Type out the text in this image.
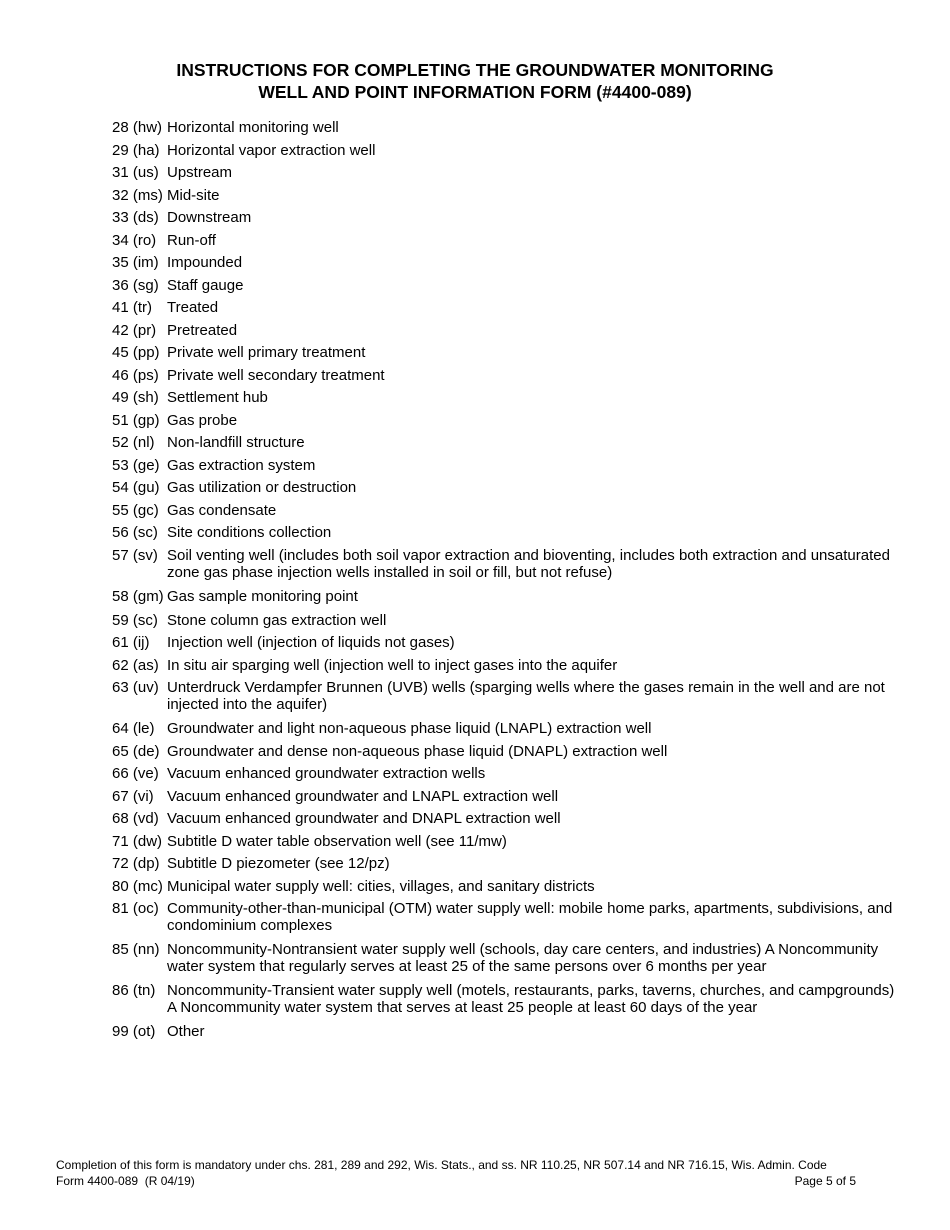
INSTRUCTIONS FOR COMPLETING THE GROUNDWATER MONITORING
WELL AND POINT INFORMATION FORM (#4400-089)
28 (hw) Horizontal monitoring well
29 (ha) Horizontal vapor extraction well
31 (us) Upstream
32 (ms) Mid-site
33 (ds) Downstream
34 (ro) Run-off
35 (im) Impounded
36 (sg) Staff gauge
41 (tr) Treated
42 (pr) Pretreated
45 (pp) Private well primary treatment
46 (ps) Private well secondary treatment
49 (sh) Settlement hub
51 (gp) Gas probe
52 (nl) Non-landfill structure
53 (ge) Gas extraction system
54 (gu) Gas utilization or destruction
55 (gc) Gas condensate
56 (sc) Site conditions collection
57 (sv) Soil venting well (includes both soil vapor extraction and bioventing, includes both extraction and unsaturated zone gas phase injection wells installed in soil or fill, but not refuse)
58 (gm) Gas sample monitoring point
59 (sc) Stone column gas extraction well
61 (ij)	Injection well (injection of liquids not gases)
62 (as) In situ air sparging well (injection well to inject gases into the aquifer
63 (uv) Unterdruck Verdampfer Brunnen (UVB) wells (sparging wells where the gases remain in the well and are not injected into the aquifer)
64 (le) Groundwater and light non-aqueous phase liquid (LNAPL) extraction well
65 (de) Groundwater and dense non-aqueous phase liquid (DNAPL) extraction well
66 (ve) Vacuum enhanced groundwater extraction wells
67 (vi) Vacuum enhanced groundwater and LNAPL extraction well
68 (vd) Vacuum enhanced groundwater and DNAPL extraction well
71 (dw) Subtitle D water table observation well (see 11/mw)
72 (dp) Subtitle D piezometer (see 12/pz)
80 (mc) Municipal water supply well: cities, villages, and sanitary districts
81 (oc) Community-other-than-municipal (OTM) water supply well: mobile home parks, apartments, subdivisions, and condominium complexes
85 (nn) Noncommunity-Nontransient water supply well (schools, day care centers, and industries) A Noncommunity water system that regularly serves at least 25 of the same persons over 6 months per year
86 (tn) Noncommunity-Transient water supply well (motels, restaurants, parks, taverns, churches, and campgrounds) A Noncommunity water system that serves at least 25 people at least 60 days of the year
99 (ot) Other
Completion of this form is mandatory under chs. 281, 289 and 292, Wis. Stats., and ss. NR 110.25, NR 507.14 and NR 716.15, Wis. Admin. Code
Form 4400-089  (R 04/19)	Page 5 of 5
